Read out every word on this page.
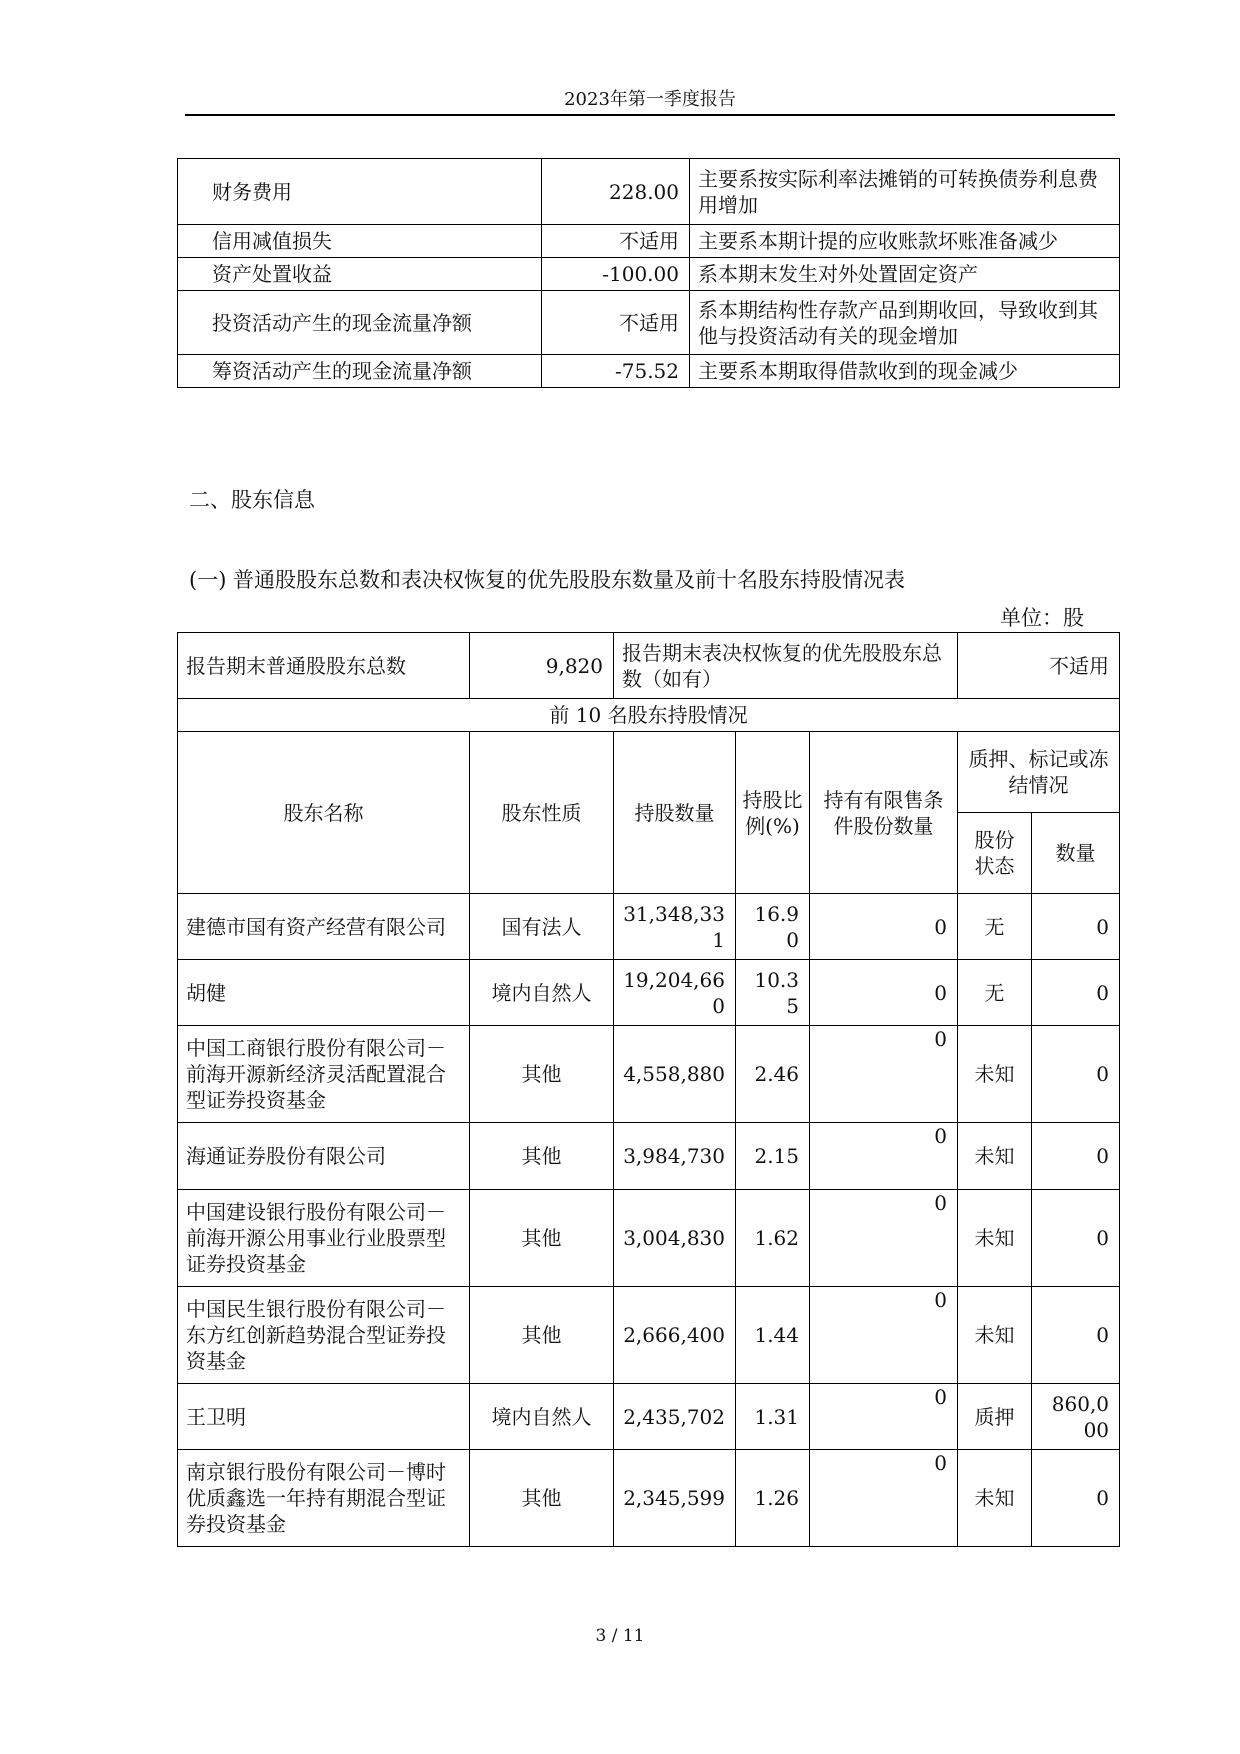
2023年第一季度报告
财务费用	228.00	主要系按实际利率法摊销的可转换债券利息费用增加
信用减值损失	不适用	主要系本期计提的应收账款坏账准备减少
资产处置收益	-100.00	系本期末发生对外处置固定资产
投资活动产生的现金流量净额	不适用	系本期结构性存款产品到期收回，导致收到其他与投资活动有关的现金增加
筹资活动产生的现金流量净额	-75.52	主要系本期取得借款收到的现金减少
二、股东信息
(一) 普通股股东总数和表决权恢复的优先股股东数量及前十名股东持股情况表
单位：股
报告期末普通股股东总数	9,820	报告期末表决权恢复的优先股股东总数（如有）			不适用	
前 10 名股东持股情况						
股东名称	股东性质	持股数量	持股比例(%)	持有有限售条件股份数量	质押、标记或冻结情况	
					股份状态	数量
建德市国有资产经营有限公司	国有法人	31,348,331	16.90	0	无	0
胡健	境内自然人	19,204,660	10.35	0	无	0
中国工商银行股份有限公司－前海开源新经济灵活配置混合型证券投资基金	其他	4,558,880	2.46	0	未知	0
海通证券股份有限公司	其他	3,984,730	2.15	0	未知	0
中国建设银行股份有限公司－前海开源公用事业行业股票型证券投资基金	其他	3,004,830	1.62	0	未知	0
中国民生银行股份有限公司－东方红创新趋势混合型证券投资基金	其他	2,666,400	1.44	0	未知	0
王卫明	境内自然人	2,435,702	1.31	0	质押	860,000
南京银行股份有限公司－博时优质鑫选一年持有期混合型证券投资基金	其他	2,345,599	1.26	0	未知	0
3 / 11
